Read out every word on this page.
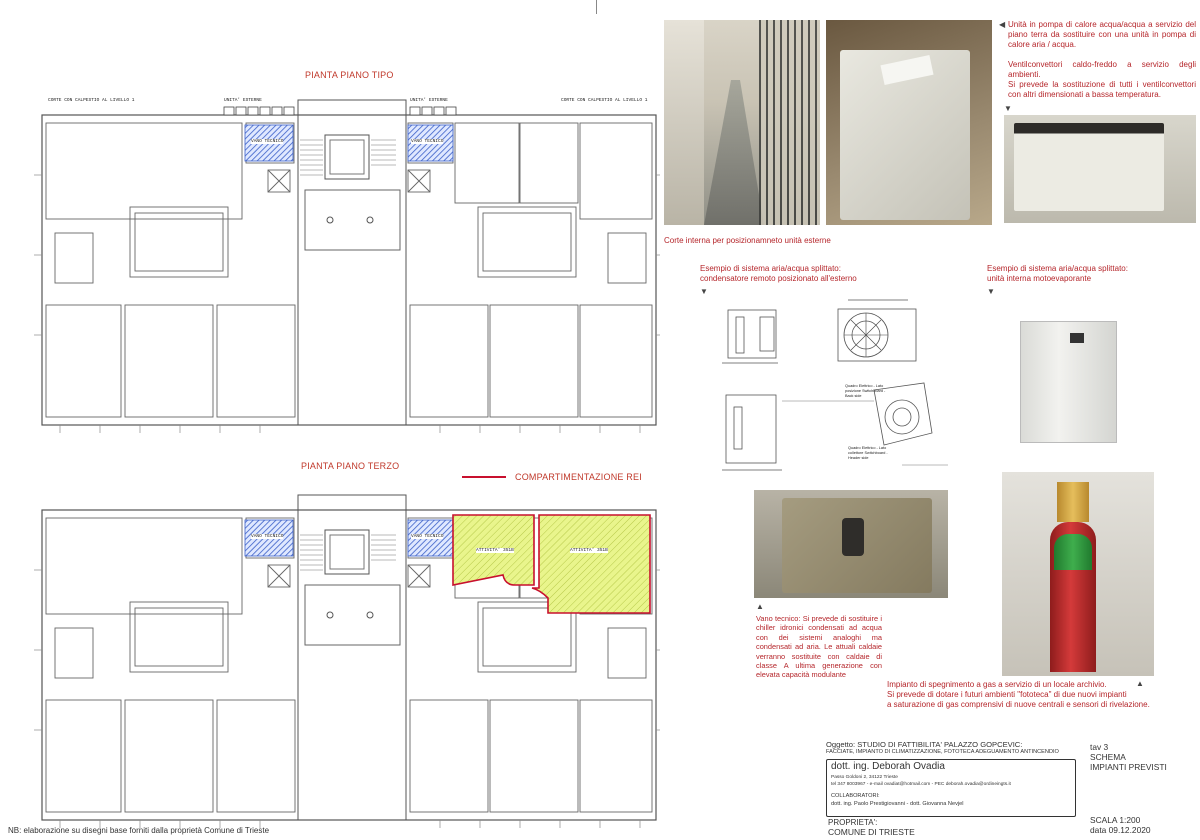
PIANTA PIANO TIPO
PIANTA PIANO TERZO
COMPARTIMENTAZIONE REI
CORTE CON CALPESTIO AL LIVELLO 1	CORTE CON CALPESTIO AL LIVELLO 1
UNITA' ESTERNE	UNITA' ESTERNE
VANO TECNICO	VANO TECNICO
VANO TECNICO	VANO TECNICO
ATTIVITA' 351B	ATTIVITA' 351B
NB: elaborazione su disegni base forniti dalla proprietà Comune di Trieste
Corte interna per posizionamneto unità esterne
◀ Unità in pompa di calore acqua/acqua a servizio del piano terra da sostituire con una unità in pompa di calore aria / acqua.

Ventilconvettori caldo-freddo a servizio degli ambienti.
Si prevede la sostituzione di tutti i ventilconvettori con altri dimensionati a bassa temperatura.
▼
Esempio di sistema aria/acqua splittato:
condensatore remoto posizionato all'esterno
▼
Esempio di sistema aria/acqua splittato:
unità interna motoevaporante
▼
Quadro Elettrico - Lato posizione Switchboard - Back side
Quadro Elettrico - Lato collettore Switchboard - Header side
▲
Vano tecnico: Si prevede di sostituire i chiller idronici condensati ad acqua con dei sistemi analoghi ma condensati ad aria. Le attuali caldaie verranno sostituite con caldaie di classe A ultima generazione con elevata capacità modulante
▲
Impianto di spegnimento a gas a servizio di un locale archivio.
Si prevede di dotare i futuri ambienti "fototeca" di due nuovi impianti
a saturazione di gas comprensivi di nuove centrali e sensori di rivelazione.
Oggetto: STUDIO DI FATTIBILITA' PALAZZO GOPCEVIC:
FACCIATE, IMPIANTO DI CLIMATIZZAZIONE, FOTOTECA ADEGUAMENTO ANTINCENDIO
dott. ing. Deborah Ovadia
Passo Goldoni 2, 34122 Trieste
tel 347 8003967 - e-mail ovadiat@hotmail.com - PEC deborah.ovadia@ordineingts.it
COLLABORATORI:
dott. ing. Paolo Prestigiovanni - dott. Giovanna Nevjel
PROPRIETA':
COMUNE DI TRIESTE
tav 3
SCHEMA
IMPIANTI PREVISTI
SCALA 1:200
data 09.12.2020
